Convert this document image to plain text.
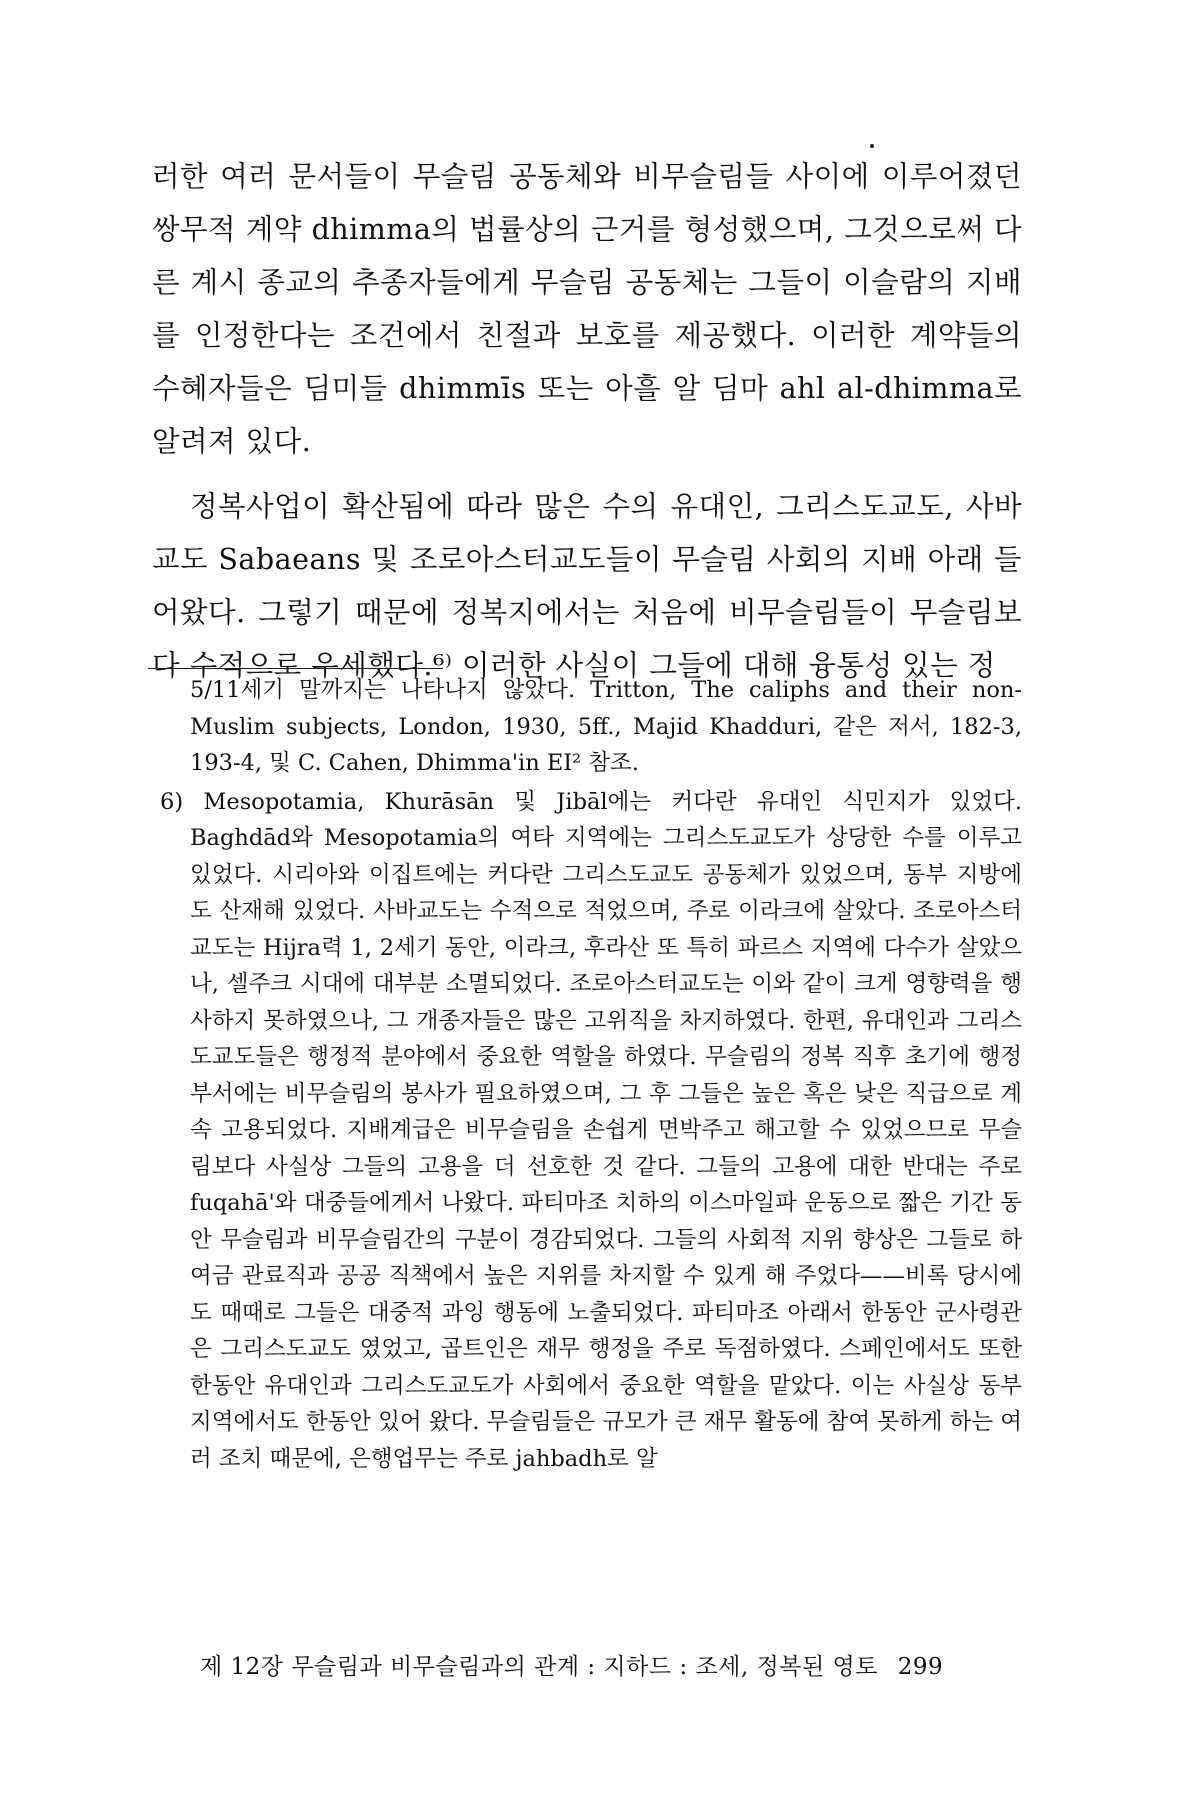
러한 여러 문서들이 무슬림 공동체와 비무슬림들 사이에 이루어졌던 쌍무적 계약 dhimma의 법률상의 근거를 형성했으며, 그것으로써 다른 계시 종교의 추종자들에게 무슬림 공동체는 그들이 이슬람의 지배를 인정한다는 조건에서 친절과 보호를 제공했다. 이러한 계약들의 수혜자들은 딤미들 dhimmīs 또는 아흘 알 딤마 ahl al-dhimma로 알려져 있다.

정복사업이 확산됨에 따라 많은 수의 유대인, 그리스도교도, 사바교도 Sabaeans 및 조로아스터교도들이 무슬림 사회의 지배 아래 들어왔다. 그렇기 때문에 정복지에서는 처음에 비무슬림들이 무슬림보다 수적으로 우세했다.⁶⁾ 이러한 사실이 그들에 대해 융통성 있는 정

5/11세기 말까지는 나타나지 않았다. Tritton, The caliphs and their non-Muslim subjects, London, 1930, 5ff., Majid Khadduri, 같은 저서, 182-3, 193-4, 및 C. Cahen, Dhimma'in EI² 참조.

6) Mesopotamia, Khurāsān 및 Jibāl에는 커다란 유대인 식민지가 있었다. Baghdād와 Mesopotamia의 여타 지역에는 그리스도교도가 상당한 수를 이루고 있었다. 시리아와 이집트에는 커다란 그리스도교도 공동체가 있었으며, 동부 지방에도 산재해 있었다. 사바교도는 수적으로 적었으며, 주로 이라크에 살았다. 조로아스터교도는 Hijra력 1, 2세기 동안, 이라크, 후라산 또 특히 파르스 지역에 다수가 살았으나, 셀주크 시대에 대부분 소멸되었다. 조로아스터교도는 이와 같이 크게 영향력을 행사하지 못하였으나, 그 개종자들은 많은 고위직을 차지하였다. 한편, 유대인과 그리스도교도들은 행정적 분야에서 중요한 역할을 하였다. 무슬림의 정복 직후 초기에 행정부서에는 비무슬림의 봉사가 필요하였으며, 그 후 그들은 높은 혹은 낮은 직급으로 계속 고용되었다. 지배계급은 비무슬림을 손쉽게 면박주고 해고할 수 있었으므로 무슬림보다 사실상 그들의 고용을 더 선호한 것 같다. 그들의 고용에 대한 반대는 주로 fuqahā'와 대중들에게서 나왔다. 파티마조 치하의 이스마일파 운동으로 짧은 기간 동안 무슬림과 비무슬림간의 구분이 경감되었다. 그들의 사회적 지위 향상은 그들로 하여금 관료직과 공공 직책에서 높은 지위를 차지할 수 있게 해 주었다——비록 당시에도 때때로 그들은 대중적 과잉 행동에 노출되었다. 파티마조 아래서 한동안 군사령관은 그리스도교도 였었고, 곱트인은 재무 행정을 주로 독점하였다. 스페인에서도 또한 한동안 유대인과 그리스도교도가 사회에서 중요한 역할을 맡았다. 이는 사실상 동부 지역에서도 한동안 있어 왔다. 무슬림들은 규모가 큰 재무 활동에 참여 못하게 하는 여러 조치 때문에, 은행업무는 주로 jahbadh로 알

제 12장 무슬림과 비무슬림과의 관계 : 지하드 : 조세, 정복된 영토 299
